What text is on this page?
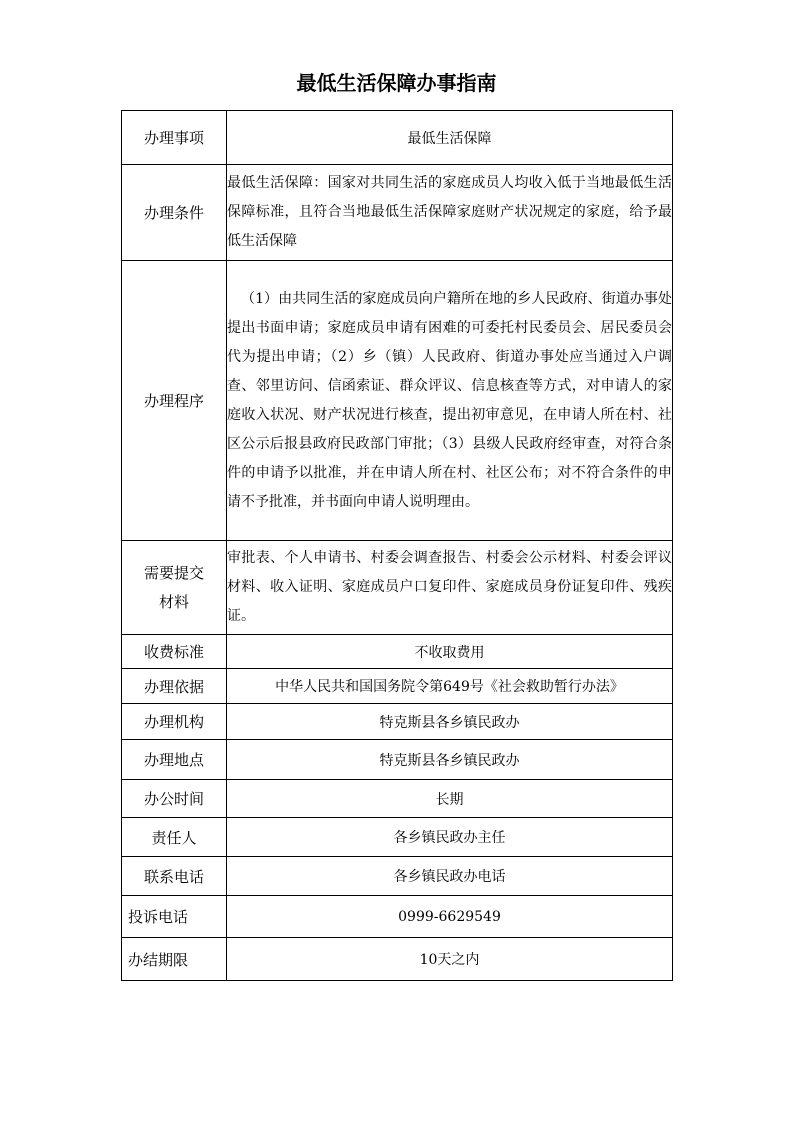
最低生活保障办事指南
办理事项	最低生活保障
办理条件	最低生活保障：国家对共同生活的家庭成员人均收入低于当地最低生活保障标准，且符合当地最低生活保障家庭财产状况规定的家庭，给予最低生活保障
办理程序	（1）由共同生活的家庭成员向户籍所在地的乡人民政府、街道办事处提出书面申请；家庭成员申请有困难的可委托村民委员会、居民委员会代为提出申请；（2）乡（镇）人民政府、街道办事处应当通过入户调查、邻里访问、信函索证、群众评议、信息核查等方式，对申请人的家庭收入状况、财产状况进行核查，提出初审意见，在申请人所在村、社区公示后报县政府民政部门审批；（3）县级人民政府经审查，对符合条件的申请予以批准，并在申请人所在村、社区公布；对不符合条件的申请不予批准，并书面向申请人说明理由。

需要提交材料	审批表、个人申请书、村委会调查报告、村委会公示材料、村委会评议材料、收入证明、家庭成员户口复印件、家庭成员身份证复印件、残疾证。
收费标准	不收取费用
办理依据	中华人民共和国国务院令第649号《社会救助暂行办法》
办理机构	特克斯县各乡镇民政办
办理地点	特克斯县各乡镇民政办
办公时间	长期
责任人	各乡镇民政办主任
联系电话	各乡镇民政办电话
投诉电话	0999-6629549
办结期限	10天之内
